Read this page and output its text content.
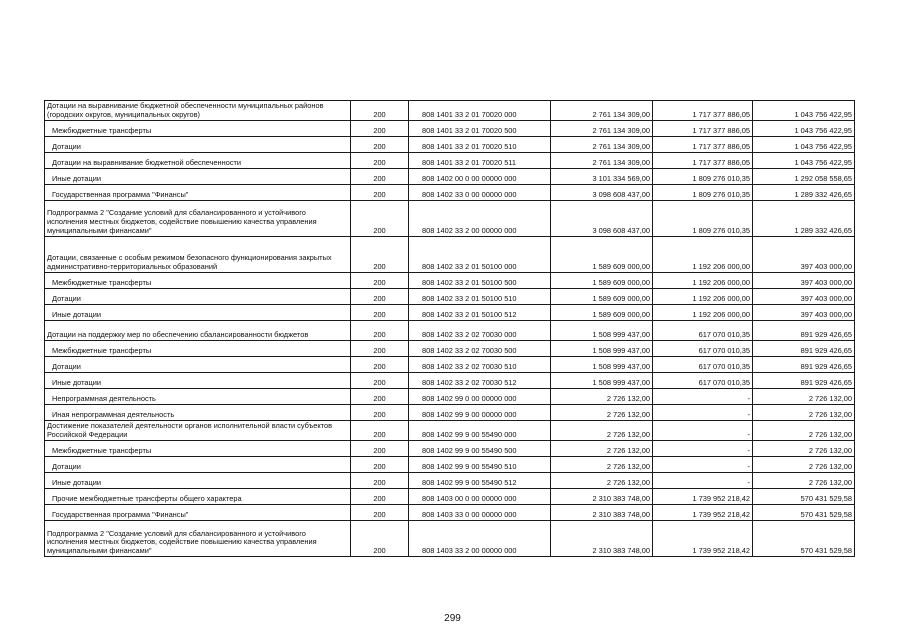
Дотации на выравнивание бюджетной обеспеченности муниципальных районов (городских округов, муниципальных округов)	200	808 1401 33 2 01 70020 000	2 761 134 309,00	1 717 377 886,05	1 043 756 422,95
Межбюджетные трансферты	200	808 1401 33 2 01 70020 500	2 761 134 309,00	1 717 377 886,05	1 043 756 422,95
Дотации	200	808 1401 33 2 01 70020 510	2 761 134 309,00	1 717 377 886,05	1 043 756 422,95
Дотации на выравнивание бюджетной обеспеченности	200	808 1401 33 2 01 70020 511	2 761 134 309,00	1 717 377 886,05	1 043 756 422,95
Иные дотации	200	808 1402 00 0 00 00000 000	3 101 334 569,00	1 809 276 010,35	1 292 058 558,65
Государственная программа "Финансы"	200	808 1402 33 0 00 00000 000	3 098 608 437,00	1 809 276 010,35	1 289 332 426,65
Подпрограмма 2 "Создание условий для сбалансированного и устойчивого исполнения местных бюджетов, содействие повышению качества управления муниципальными финансами"	200	808 1402 33 2 00 00000 000	3 098 608 437,00	1 809 276 010,35	1 289 332 426,65
Дотации, связанные с особым режимом безопасного функционирования закрытых административно-территориальных образований	200	808 1402 33 2 01 50100 000	1 589 609 000,00	1 192 206 000,00	397 403 000,00
Межбюджетные трансферты	200	808 1402 33 2 01 50100 500	1 589 609 000,00	1 192 206 000,00	397 403 000,00
Дотации	200	808 1402 33 2 01 50100 510	1 589 609 000,00	1 192 206 000,00	397 403 000,00
Иные дотации	200	808 1402 33 2 01 50100 512	1 589 609 000,00	1 192 206 000,00	397 403 000,00
Дотации на поддержку мер по обеспечению сбалансированности бюджетов	200	808 1402 33 2 02 70030 000	1 508 999 437,00	617 070 010,35	891 929 426,65
Межбюджетные трансферты	200	808 1402 33 2 02 70030 500	1 508 999 437,00	617 070 010,35	891 929 426,65
Дотации	200	808 1402 33 2 02 70030 510	1 508 999 437,00	617 070 010,35	891 929 426,65
Иные дотации	200	808 1402 33 2 02 70030 512	1 508 999 437,00	617 070 010,35	891 929 426,65
Непрограммная деятельность	200	808 1402 99 0 00 00000 000	2 726 132,00	-	2 726 132,00
Иная непрограммная деятельность	200	808 1402 99 9 00 00000 000	2 726 132,00	-	2 726 132,00
Достижение показателей деятельности органов исполнительной власти субъектов Российской Федерации	200	808 1402 99 9 00 55490 000	2 726 132,00	-	2 726 132,00
Межбюджетные трансферты	200	808 1402 99 9 00 55490 500	2 726 132,00	-	2 726 132,00
Дотации	200	808 1402 99 9 00 55490 510	2 726 132,00	-	2 726 132,00
Иные дотации	200	808 1402 99 9 00 55490 512	2 726 132,00	-	2 726 132,00
Прочие межбюджетные трансферты общего характера	200	808 1403 00 0 00 00000 000	2 310 383 748,00	1 739 952 218,42	570 431 529,58
Государственная программа "Финансы"	200	808 1403 33 0 00 00000 000	2 310 383 748,00	1 739 952 218,42	570 431 529,58
Подпрограмма 2 "Создание условий для сбалансированного и устойчивого исполнения местных бюджетов, содействие повышению качества управления муниципальными финансами"	200	808 1403 33 2 00 00000 000	2 310 383 748,00	1 739 952 218,42	570 431 529,58
299
